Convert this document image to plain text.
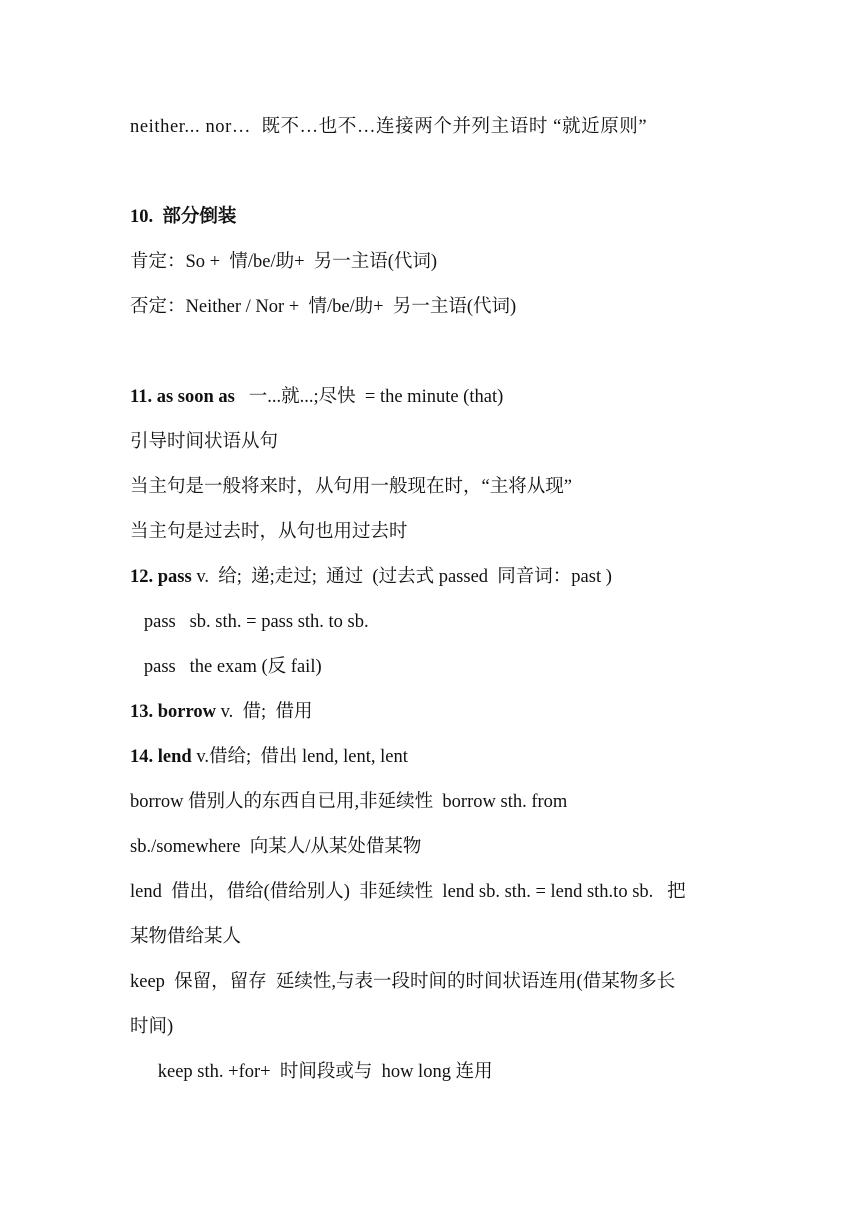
neither... nor…  既不…也不…连接两个并列主语时 “就近原则”
10.  部分倒装
肯定：So +  情/be/助+  另一主语(代词)
否定：Neither / Nor +  情/be/助+  另一主语(代词)
11. as soon as   一...就...;尽快  = the minute (that)
引导时间状语从句
当主句是一般将来时，从句用一般现在时，“主将从现”
当主句是过去时，从句也用过去时
12. pass v.  给;  递;走过;  通过  (过去式 passed  同音词：past )
pass   sb. sth. = pass sth. to sb.
pass   the exam (反 fail)
13. borrow v.  借;  借用
14. lend v.借给;  借出 lend, lent, lent
borrow 借别人的东西自已用,非延续性  borrow sth. from
sb./somewhere  向某人/从某处借某物
lend  借出，借给(借给别人)  非延续性  lend sb. sth. = lend sth.to sb.   把
某物借给某人
keep  保留，留存  延续性,与表一段时间的时间状语连用(借某物多长
时间)
keep sth. +for+  时间段或与  how long 连用
